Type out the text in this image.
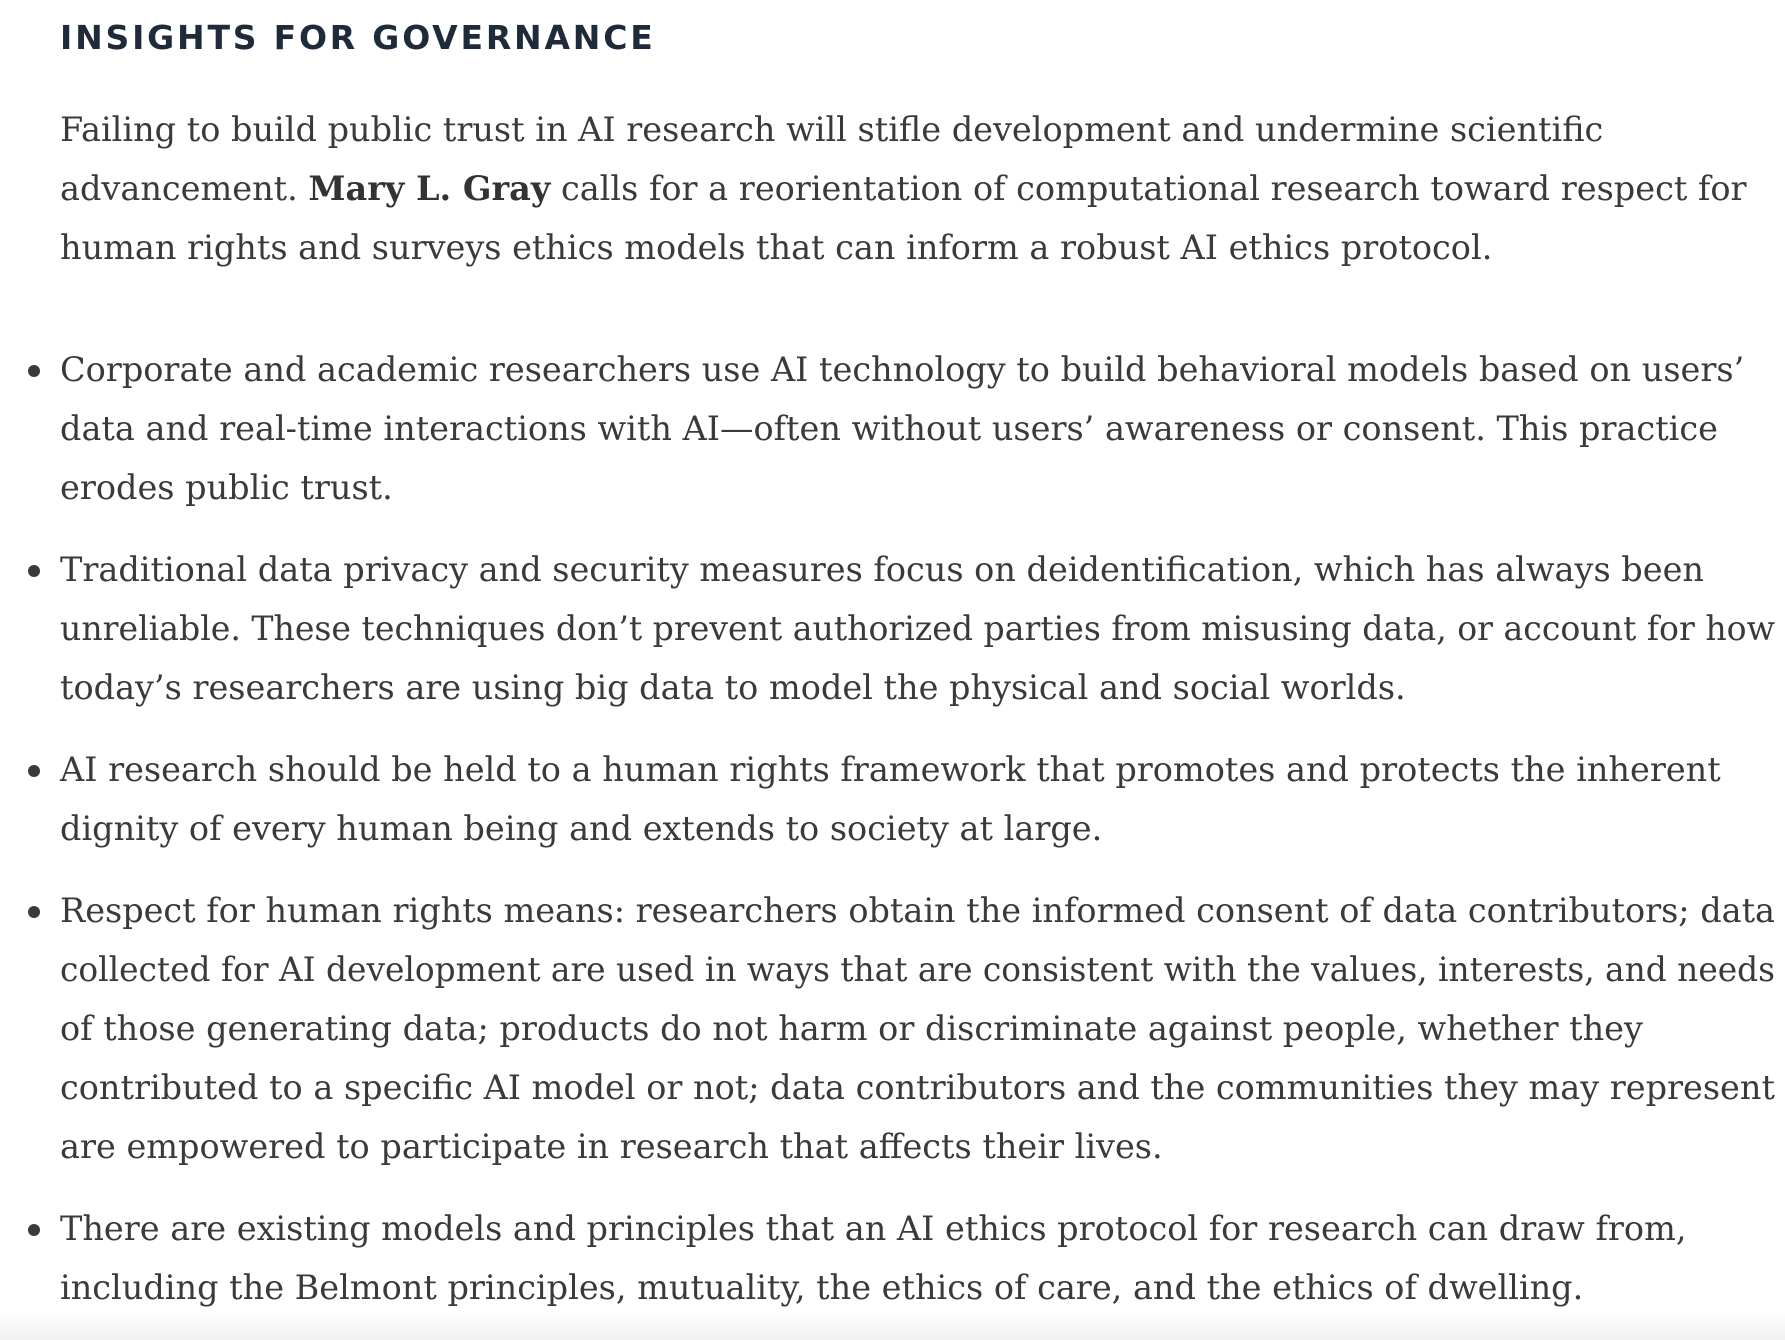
INSIGHTS FOR GOVERNANCE

Failing to build public trust in AI research will stifle development and undermine scientific
advancement. Mary L. Gray calls for a reorientation of computational research toward respect for
human rights and surveys ethics models that can inform a robust AI ethics protocol.

Corporate and academic researchers use AI technology to build behavioral models based on users’
data and real-time interactions with AI—often without users’ awareness or consent. This practice
erodes public trust.
Traditional data privacy and security measures focus on deidentification, which has always been
unreliable. These techniques don’t prevent authorized parties from misusing data, or account for how
today’s researchers are using big data to model the physical and social worlds.
AI research should be held to a human rights framework that promotes and protects the inherent
dignity of every human being and extends to society at large.
Respect for human rights means: researchers obtain the informed consent of data contributors; data
collected for AI development are used in ways that are consistent with the values, interests, and needs
of those generating data; products do not harm or discriminate against people, whether they
contributed to a specific AI model or not; data contributors and the communities they may represent
are empowered to participate in research that affects their lives.
There are existing models and principles that an AI ethics protocol for research can draw from,
including the Belmont principles, mutuality, the ethics of care, and the ethics of dwelling.
